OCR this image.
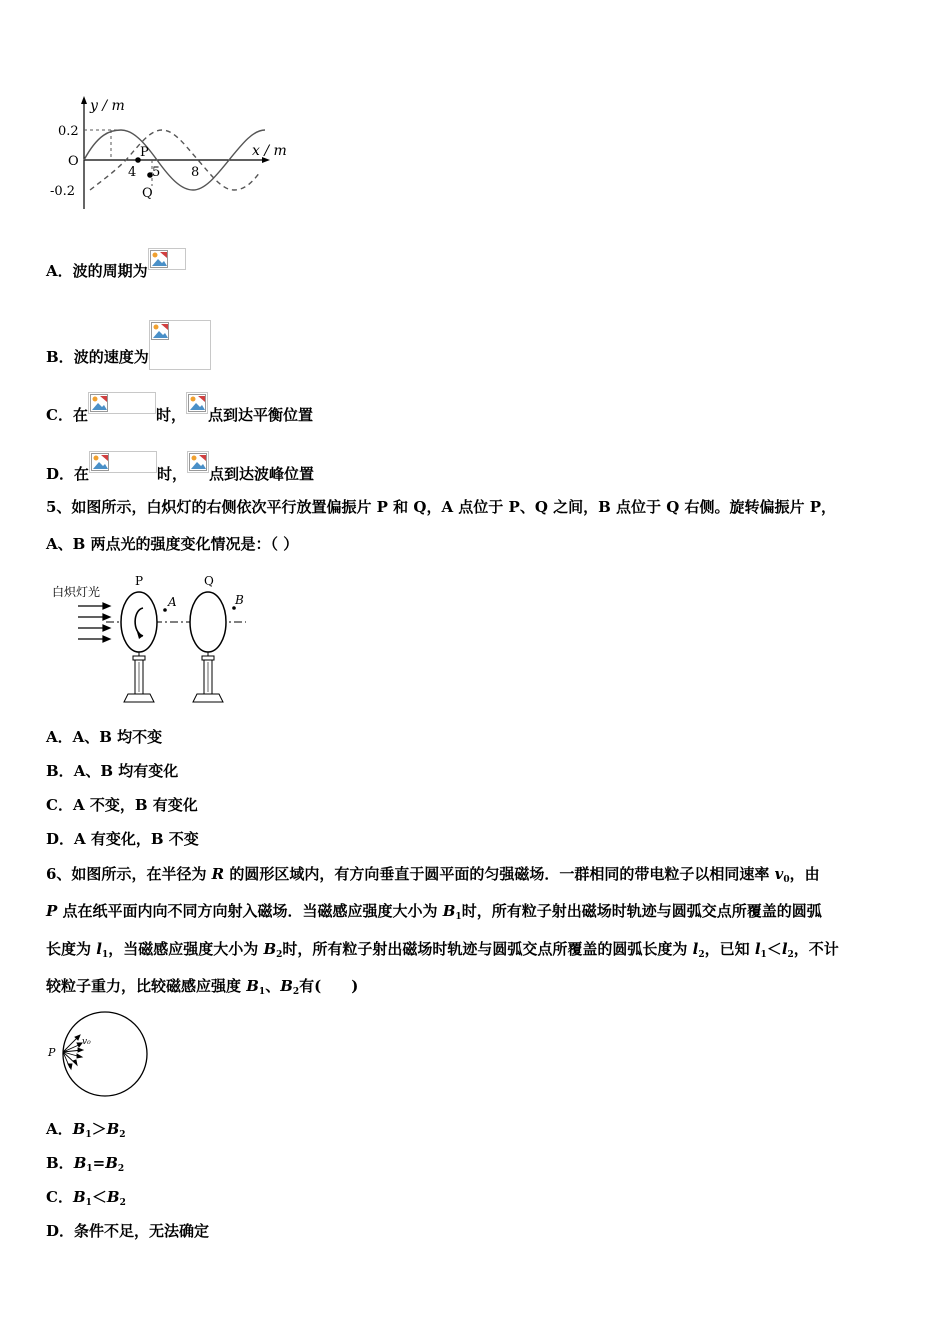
y / m
x / m
0.2
O
-0.2
4 5 8
P
Q
A．波的周期为
B．波的速度为
C．在	时， 点到达平衡位置
D．在	时， 点到达波峰位置
5、如图所示，白炽灯的右侧依次平行放置偏振片 P 和 Q，A 点位于 P、Q 之间，B 点位于 Q 右侧。旋转偏振片 P，
A、B 两点光的强度变化情况是：（ ）
白炽灯光
P
A
Q
B
A．A、B 均不变
B．A、B 均有变化
C．A 不变，B 有变化
D．A 有变化，B 不变
6、如图所示，在半径为 R 的圆形区域内，有方向垂直于圆平面的匀强磁场．一群相同的带电粒子以相同速率 $v_0$，由
P 点在纸平面内向不同方向射入磁场．当磁感应强度大小为 $B_1$时，所有粒子射出磁场时轨迹与圆弧交点所覆盖的圆弧
长度为 $l_1$，当磁感应强度大小为 $B_2$时，所有粒子射出磁场时轨迹与圆弧交点所覆盖的圆弧长度为 $l_2$，已知 $l_1<l_2$，不计
较粒子重力，比较磁感应强度 $B_1$、$B_2$有(　　)
P
v₀
A．$B_1>B_2$
B．$B_1=B_2$
C．$B_1<B_2$
D．条件不足，无法确定
